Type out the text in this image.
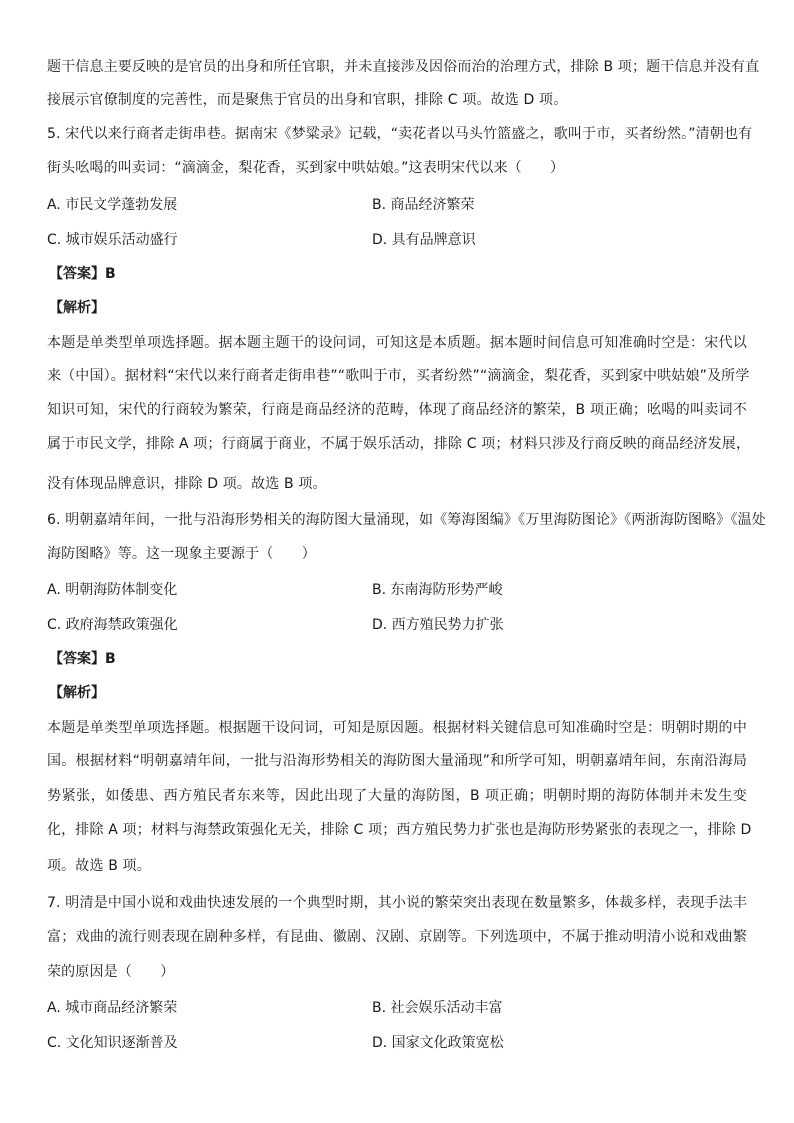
题干信息主要反映的是官员的出身和所任官职，并未直接涉及因俗而治的治理方式，排除 B 项；题干信息并没有直
接展示官僚制度的完善性，而是聚焦于官员的出身和官职，排除 C 项。故选 D 项。
5. 宋代以来行商者走街串巷。据南宋《梦粱录》记载，“卖花者以马头竹篮盛之，歌叫于市，买者纷然。”清朝也有
街头吆喝的叫卖词：“滴滴金，梨花香，买到家中哄姑娘。”这表明宋代以来（　　）
A. 市民文学蓬勃发展	B. 商品经济繁荣
C. 城市娱乐活动盛行	D. 具有品牌意识
【答案】B
【解析】
本题是单类型单项选择题。据本题主题干的设问词，可知这是本质题。据本题时间信息可知准确时空是：宋代以
来（中国）。据材料“宋代以来行商者走街串巷”“歌叫于市，买者纷然”“滴滴金，梨花香，买到家中哄姑娘”及所学
知识可知，宋代的行商较为繁荣，行商是商品经济的范畴，体现了商品经济的繁荣，B 项正确；吆喝的叫卖词不
属于市民文学，排除 A 项；行商属于商业，不属于娱乐活动，排除 C 项；材料只涉及行商反映的商品经济发展，
没有体现品牌意识，排除 D 项。故选 B 项。
6. 明朝嘉靖年间，一批与沿海形势相关的海防图大量涌现，如《筹海图编》《万里海防图论》《两浙海防图略》《温处
海防图略》等。这一现象主要源于（　　）
A. 明朝海防体制变化	B. 东南海防形势严峻
C. 政府海禁政策强化	D. 西方殖民势力扩张
【答案】B
【解析】
本题是单类型单项选择题。根据题干设问词，可知是原因题。根据材料关键信息可知准确时空是：明朝时期的中
国。根据材料“明朝嘉靖年间，一批与沿海形势相关的海防图大量涌现”和所学可知，明朝嘉靖年间，东南沿海局
势紧张，如倭患、西方殖民者东来等，因此出现了大量的海防图，B 项正确；明朝时期的海防体制并未发生变
化，排除 A 项；材料与海禁政策强化无关，排除 C 项；西方殖民势力扩张也是海防形势紧张的表现之一，排除 D
项。故选 B 项。
7. 明清是中国小说和戏曲快速发展的一个典型时期，其小说的繁荣突出表现在数量繁多，体裁多样，表现手法丰
富；戏曲的流行则表现在剧种多样，有昆曲、徽剧、汉剧、京剧等。下列选项中，不属于推动明清小说和戏曲繁
荣的原因是（　　）
A. 城市商品经济繁荣	B. 社会娱乐活动丰富
C. 文化知识逐渐普及	D. 国家文化政策宽松
